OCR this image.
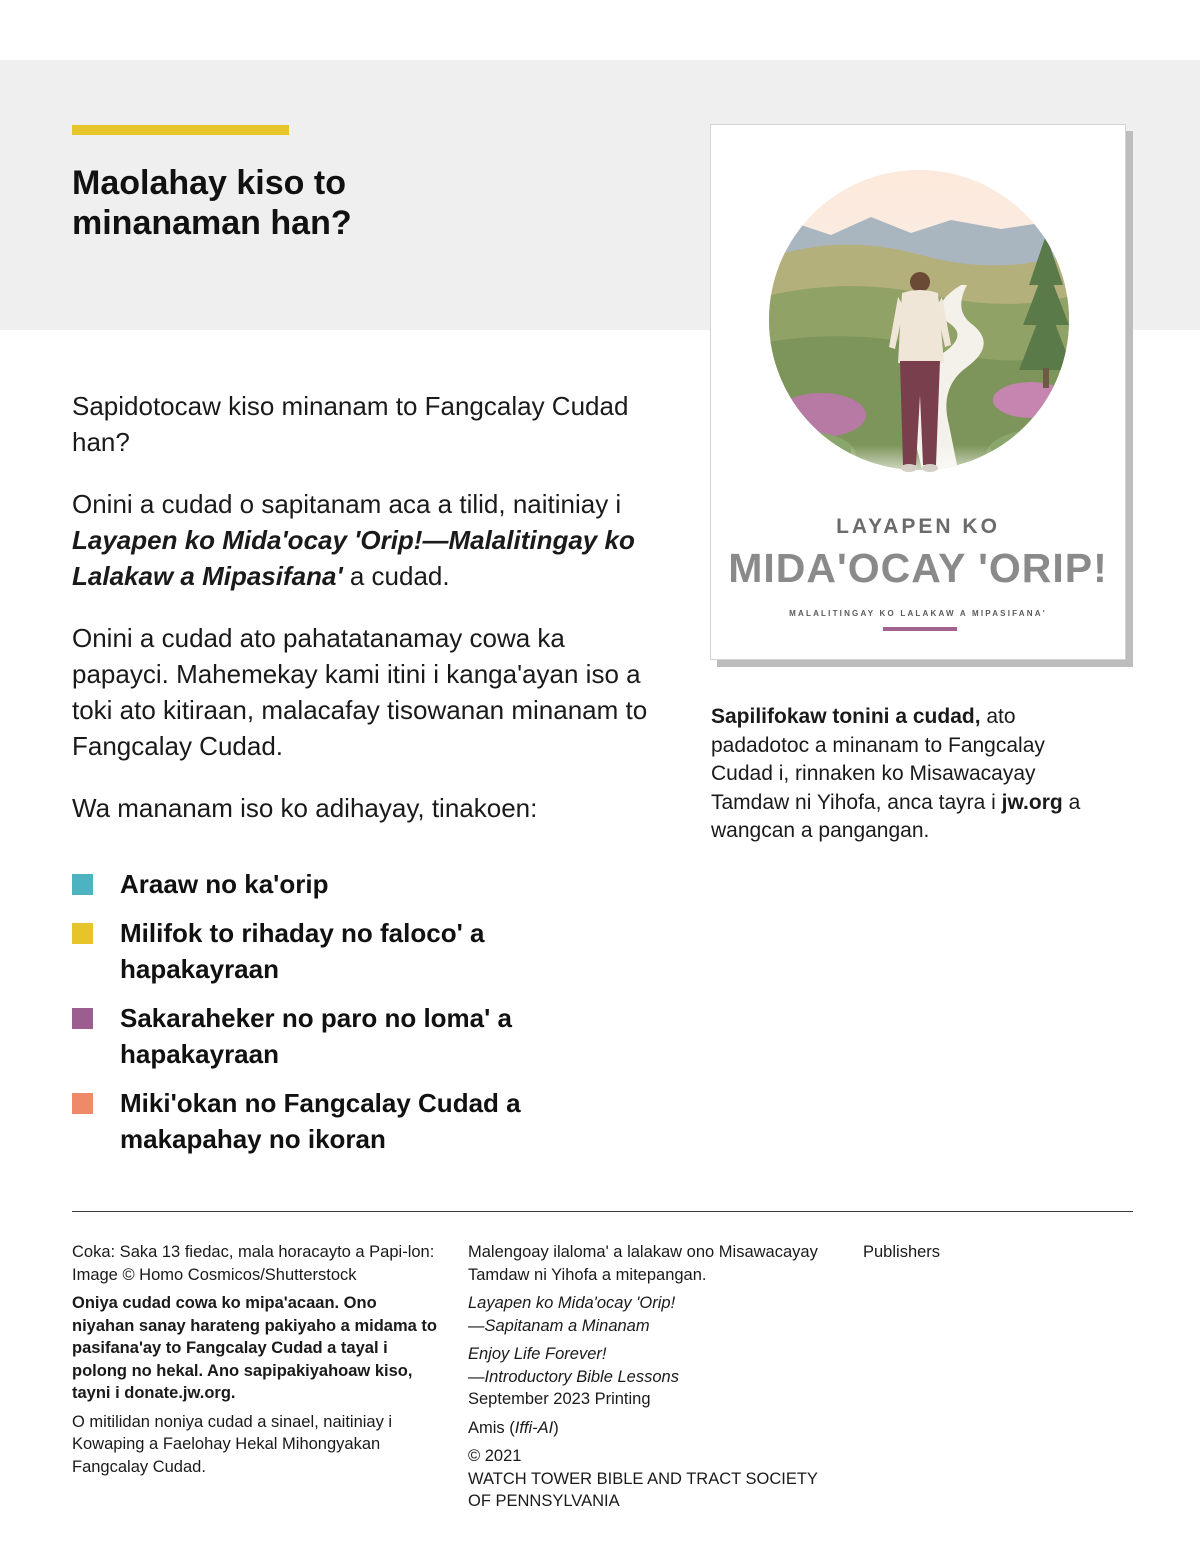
Maolahay kiso to minanaman han?

Sapidotocaw kiso minanam to Fangcalay Cudad han?

Onini a cudad o sapitanam aca a tilid, naitiniay i Layapen ko Mida'ocay 'Orip!—Malalitingay ko Lalakaw a Mipasifana' a cudad.

Onini a cudad ato pahatatanamay cowa ka papayci. Mahemekay kami itini i kanga'ayan iso a toki ato kitiraan, malacafay tisowanan minanam to Fangcalay Cudad.

Wa mananam iso ko adihayay, tinakoen:

Araaw no ka'orip
Milifok to rihaday no faloco' a hapakayraan
Sakaraheker no paro no loma' a hapakayraan
Miki'okan no Fangcalay Cudad a makapahay no ikoran
LAYAPEN KO
MIDA'OCAY 'ORIP!
MALALITINGAY KO LALAKAW A MIPASIFANA'

Sapilifokaw tonini a cudad, ato padadotoc a minanam to Fangcalay Cudad i, rinnaken ko Misawacayay Tamdaw ni Yihofa, anca tayra i jw.org a wangcan a pangangan.

Coka: Saka 13 fiedac, mala horacayto a Papi-lon: Image © Homo Cosmicos/Shutterstock

Oniya cudad cowa ko mipa'acaan. Ono niyahan sanay harateng pakiyaho a midama to pasifana'ay to Fangcalay Cudad a tayal i polong no hekal. Ano sapipakiyahoaw kiso, tayni i donate.jw.org.

O mitilidan noniya cudad a sinael, naitiniay i Kowaping a Faelohay Hekal Mihongyakan Fangcalay Cudad.

Malengoay ilaloma' a lalakaw ono Misawacayay Tamdaw ni Yihofa a mitepangan.

Layapen ko Mida'ocay 'Orip!
—Sapitanam a Minanam

Enjoy Life Forever!
—Introductory Bible Lessons
September 2023 Printing

Amis (Iffi-AI)

© 2021
WATCH TOWER BIBLE AND TRACT SOCIETY
OF PENNSYLVANIA

Publishers
